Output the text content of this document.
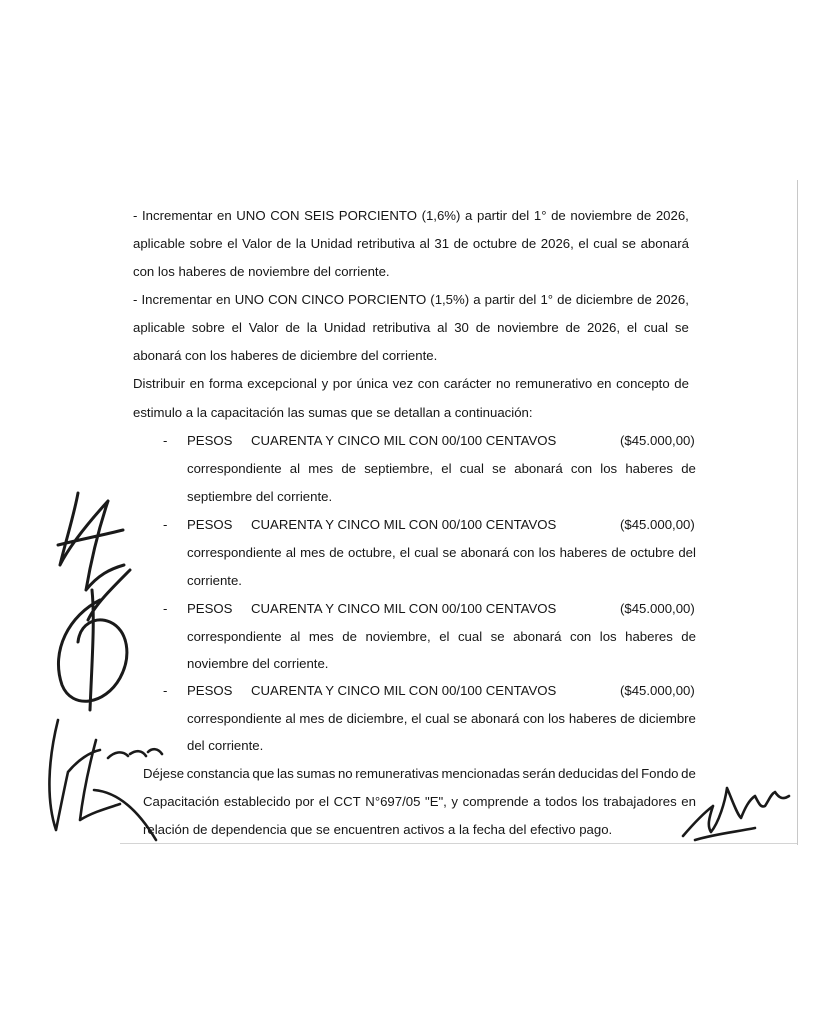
- Incrementar en UNO CON SEIS PORCIENTO (1,6%) a partir del 1° de noviembre de 2026,
aplicable sobre el Valor de la Unidad retributiva al 31 de octubre de 2026, el cual se abonará
con los haberes de noviembre del corriente.
- Incrementar en UNO CON CINCO PORCIENTO (1,5%) a partir del 1° de diciembre de 2026,
aplicable sobre el Valor de la Unidad retributiva al 30 de noviembre de 2026, el cual se
abonará con los haberes de diciembre del corriente.
Distribuir en forma excepcional y por única vez con carácter no remunerativo en concepto de
estimulo a la capacitación las sumas que se detallan a continuación:
- PESOS CUARENTA Y CINCO MIL CON 00/100 CENTAVOS	($45.000,00)
correspondiente al mes de septiembre, el cual se abonará con los haberes de
septiembre del corriente.
- PESOS CUARENTA Y CINCO MIL CON 00/100 CENTAVOS	($45.000,00)
correspondiente al mes de octubre, el cual se abonará con los haberes de octubre del
corriente.
- PESOS CUARENTA Y CINCO MIL CON 00/100 CENTAVOS	($45.000,00)
correspondiente al mes de noviembre, el cual se abonará con los haberes de
noviembre del corriente.
- PESOS CUARENTA Y CINCO MIL CON 00/100 CENTAVOS	($45.000,00)
correspondiente al mes de diciembre, el cual se abonará con los haberes de diciembre
del corriente.
Déjese constancia que las sumas no remunerativas mencionadas serán deducidas del Fondo de
Capacitación establecido por el CCT N°697/05 "E", y comprende a todos los trabajadores en
relación de dependencia que se encuentren activos a la fecha del efectivo pago.
